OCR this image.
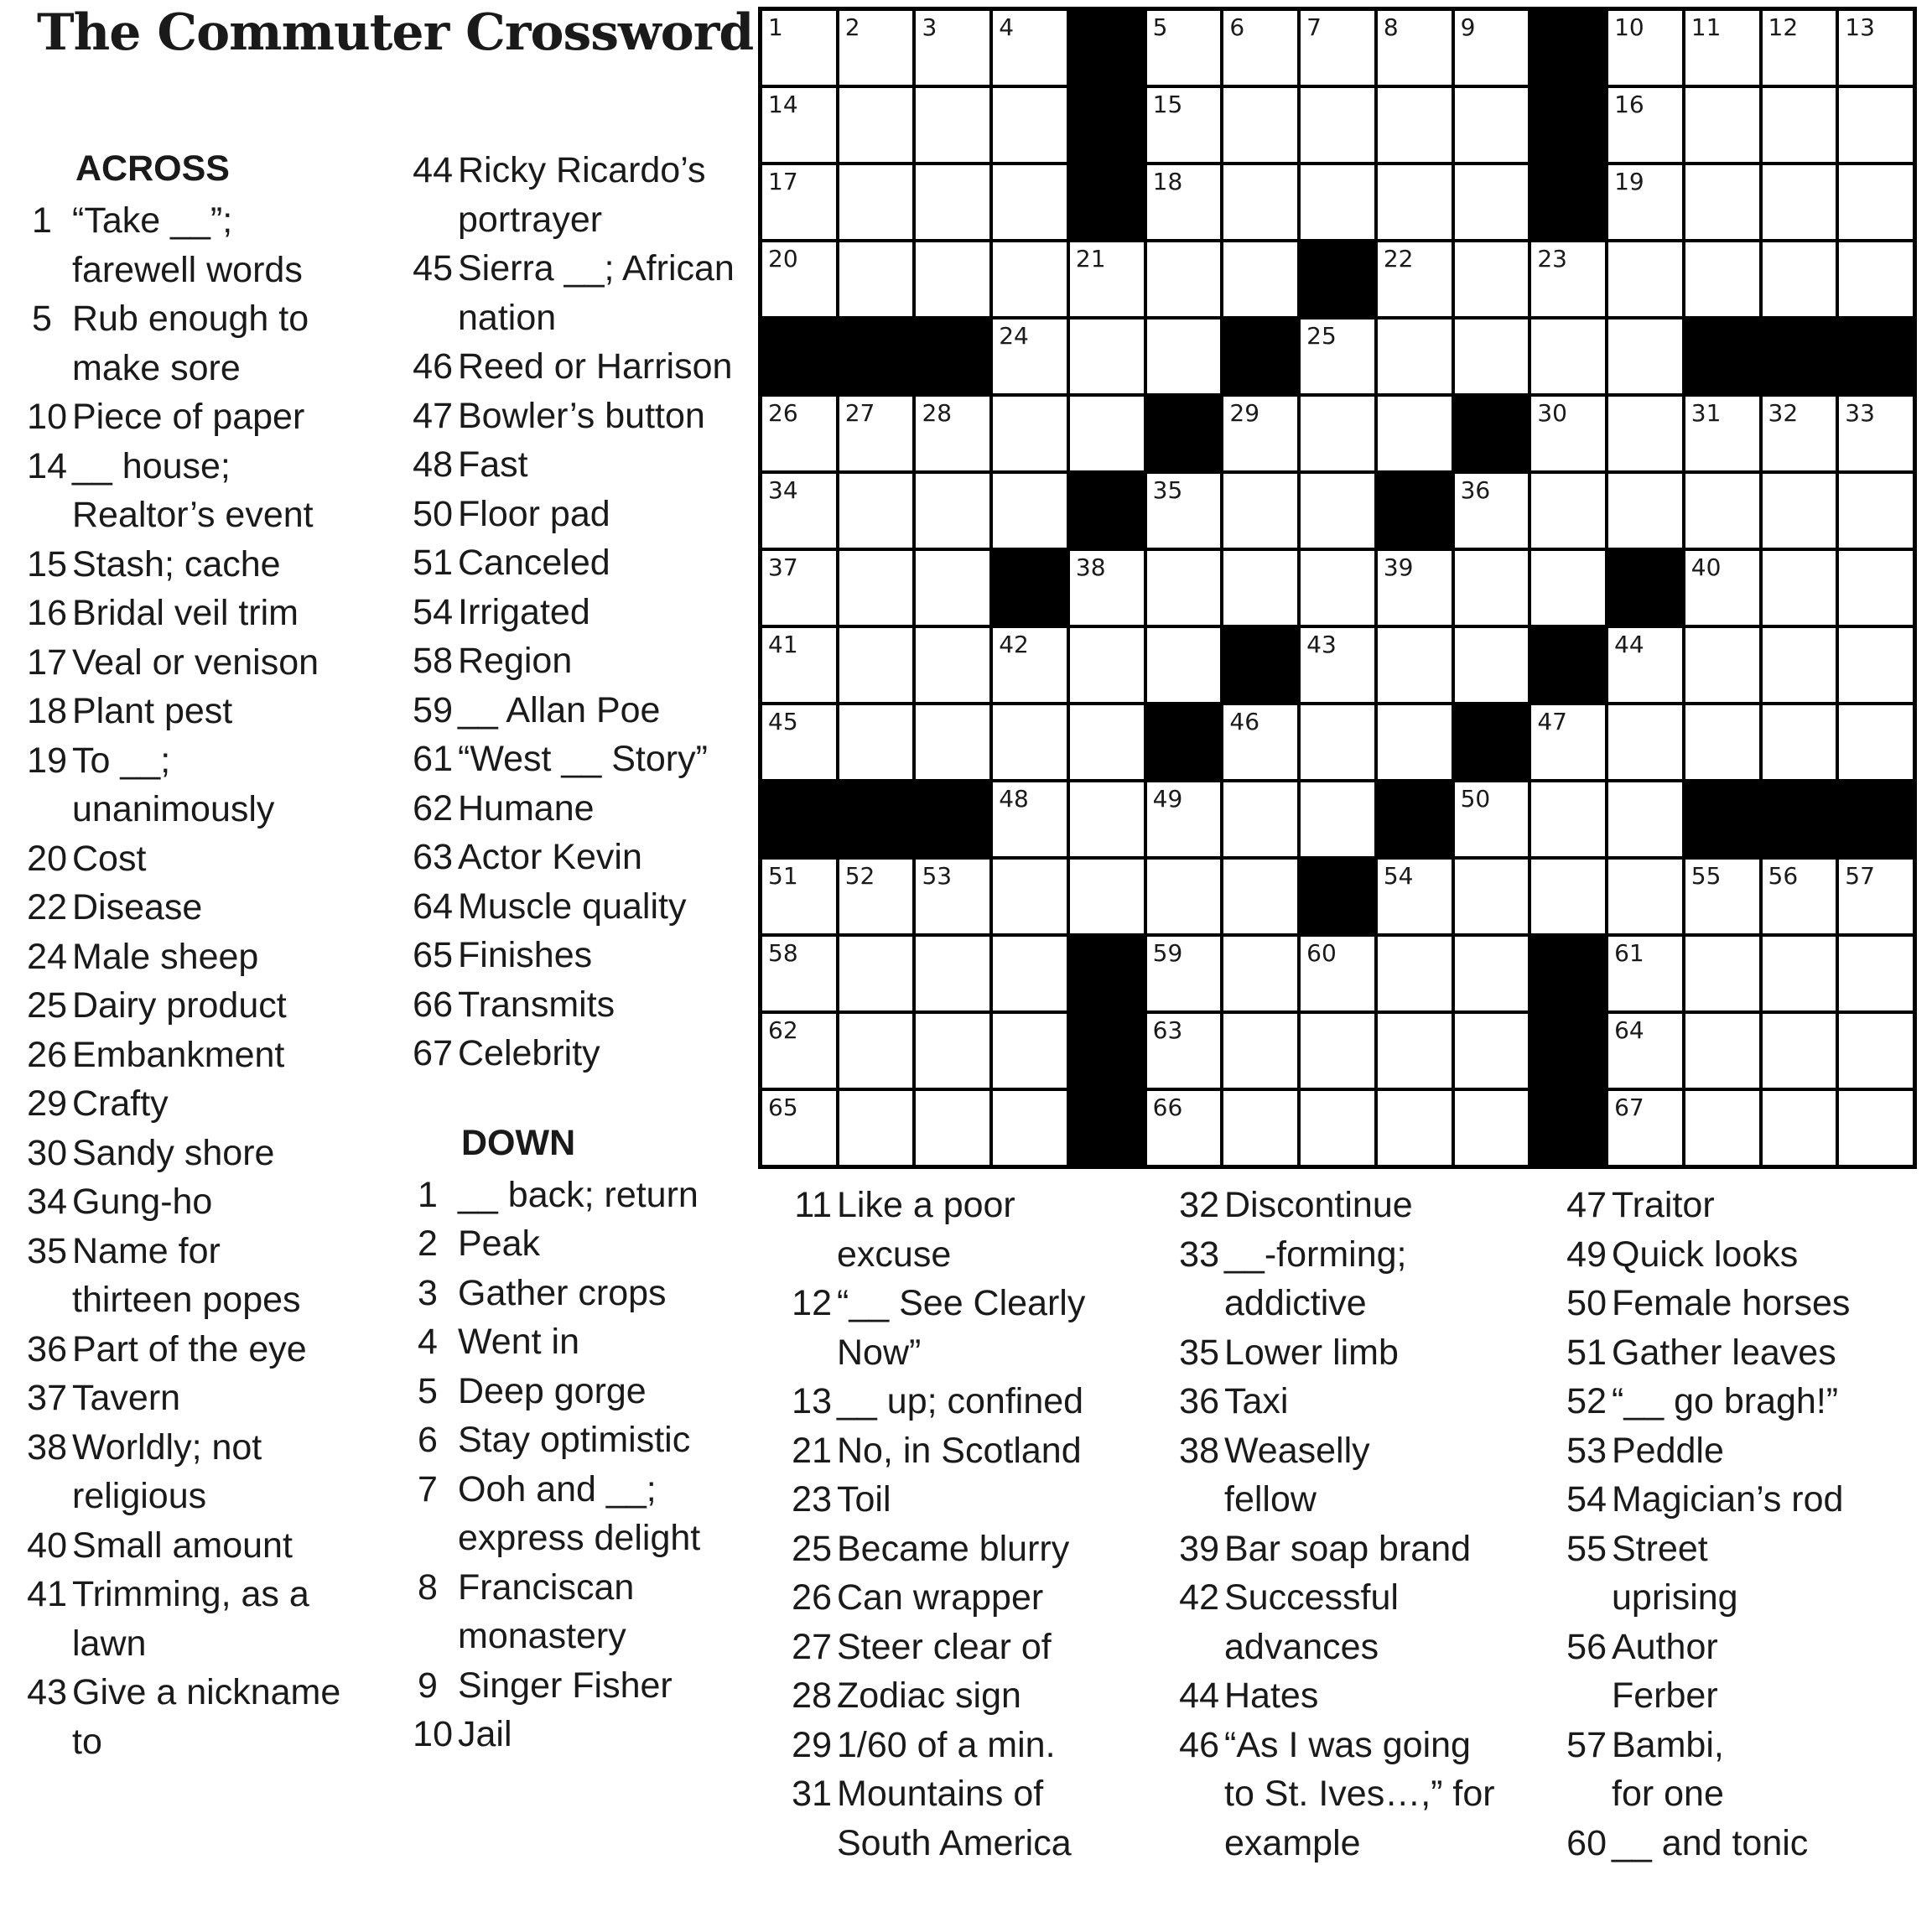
The Commuter Crossword
ACROSS
1 “Take __”;
farewell words
5 Rub enough to
make sore
10 Piece of paper
14 __ house;
Realtor’s event
15 Stash; cache
16 Bridal veil trim
17 Veal or venison
18 Plant pest
19 To __;
unanimously
20 Cost
22 Disease
24 Male sheep
25 Dairy product
26 Embankment
29 Crafty
30 Sandy shore
34 Gung-ho
35 Name for
thirteen popes
36 Part of the eye
37 Tavern
38 Worldly; not
religious
40 Small amount
41 Trimming, as a
lawn
43 Give a nickname
to
44 Ricky Ricardo’s
portrayer
45 Sierra __; African
nation
46 Reed or Harrison
47 Bowler’s button
48 Fast
50 Floor pad
51 Canceled
54 Irrigated
58 Region
59 __ Allan Poe
61 “West __ Story”
62 Humane
63 Actor Kevin
64 Muscle quality
65 Finishes
66 Transmits
67 Celebrity
DOWN
1 __ back; return
2 Peak
3 Gather crops
4 Went in
5 Deep gorge
6 Stay optimistic
7 Ooh and __;
express delight
8 Franciscan
monastery
9 Singer Fisher
10 Jail
11 Like a poor
excuse
12 “__ See Clearly
Now”
13 __ up; confined
21 No, in Scotland
23 Toil
25 Became blurry
26 Can wrapper
27 Steer clear of
28 Zodiac sign
29 1/60 of a min.
31 Mountains of
South America
32 Discontinue
33 __-forming;
addictive
35 Lower limb
36 Taxi
38 Weaselly
fellow
39 Bar soap brand
42 Successful
advances
44 Hates
46 “As I was going
to St. Ives…,” for
example
47 Traitor
49 Quick looks
50 Female horses
51 Gather leaves
52 “__ go bragh!”
53 Peddle
54 Magician’s rod
55 Street
uprising
56 Author
Ferber
57 Bambi,
for one
60 __ and tonic
1	2	3	4	5	6	7	8	9	10 11 12 13
14	15	16
17	18	19
20	21	22	23
24	25
26 27 28	29	30	31 32 33
34	35	36
37	38	39	40
41	42	43	44
45	46	47
48	49	50
51 52 53	54	55 56 57
58	59	60	61
62	63	64
65	66	67
